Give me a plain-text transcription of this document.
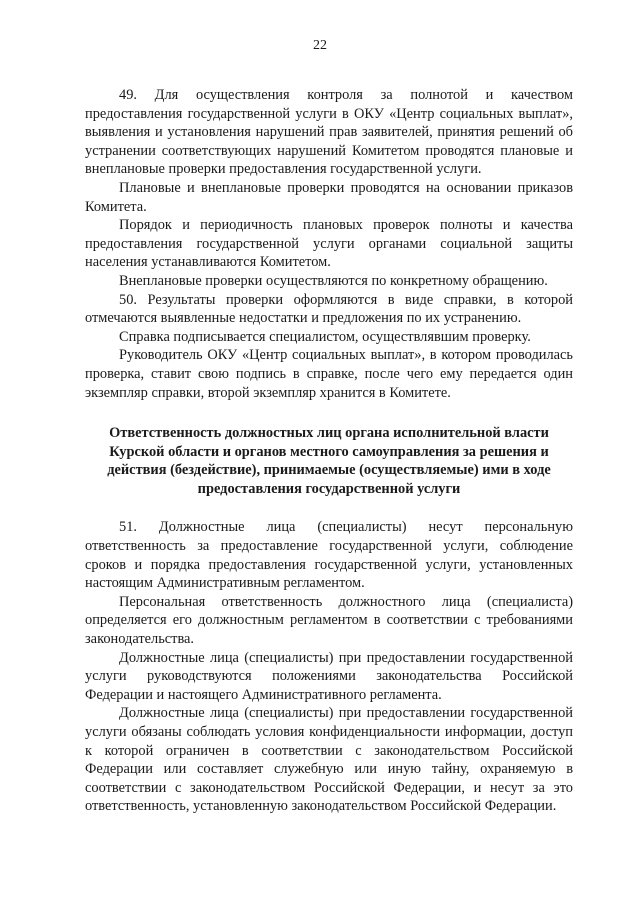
22

49. Для осуществления контроля за полнотой и качеством предоставления государственной услуги в ОКУ «Центр социальных выплат», выявления и установления нарушений прав заявителей, принятия решений об устранении соответствующих нарушений Комитетом проводятся плановые и внеплановые проверки предоставления государственной услуги.

Плановые и внеплановые проверки проводятся на основании приказов Комитета.

Порядок и периодичность плановых проверок полноты и качества предоставления государственной услуги органами социальной защиты населения устанавливаются Комитетом.

Внеплановые проверки осуществляются по конкретному обращению.

50. Результаты проверки оформляются в виде справки, в которой отмечаются выявленные недостатки и предложения по их устранению.

Справка подписывается специалистом, осуществлявшим проверку.

Руководитель ОКУ «Центр социальных выплат», в котором проводилась проверка, ставит свою подпись в справке, после чего ему передается один экземпляр справки, второй экземпляр хранится в Комитете.

Ответственность должностных лиц органа исполнительной власти Курской области и органов местного самоуправления за решения и действия (бездействие), принимаемые (осуществляемые) ими в ходе предоставления государственной услуги

51. Должностные лица (специалисты) несут персональную ответственность за предоставление государственной услуги, соблюдение сроков и порядка предоставления государственной услуги, установленных настоящим Административным регламентом.

Персональная ответственность должностного лица (специалиста) определяется его должностным регламентом в соответствии с требованиями законодательства.

Должностные лица (специалисты) при предоставлении государственной услуги руководствуются положениями законодательства Российской Федерации и настоящего Административного регламента.

Должностные лица (специалисты) при предоставлении государственной услуги обязаны соблюдать условия конфиденциальности информации, доступ к которой ограничен в соответствии с законодательством Российской Федерации или составляет служебную или иную тайну, охраняемую в соответствии с законодательством Российской Федерации, и несут за это ответственность, установленную законодательством Российской Федерации.
